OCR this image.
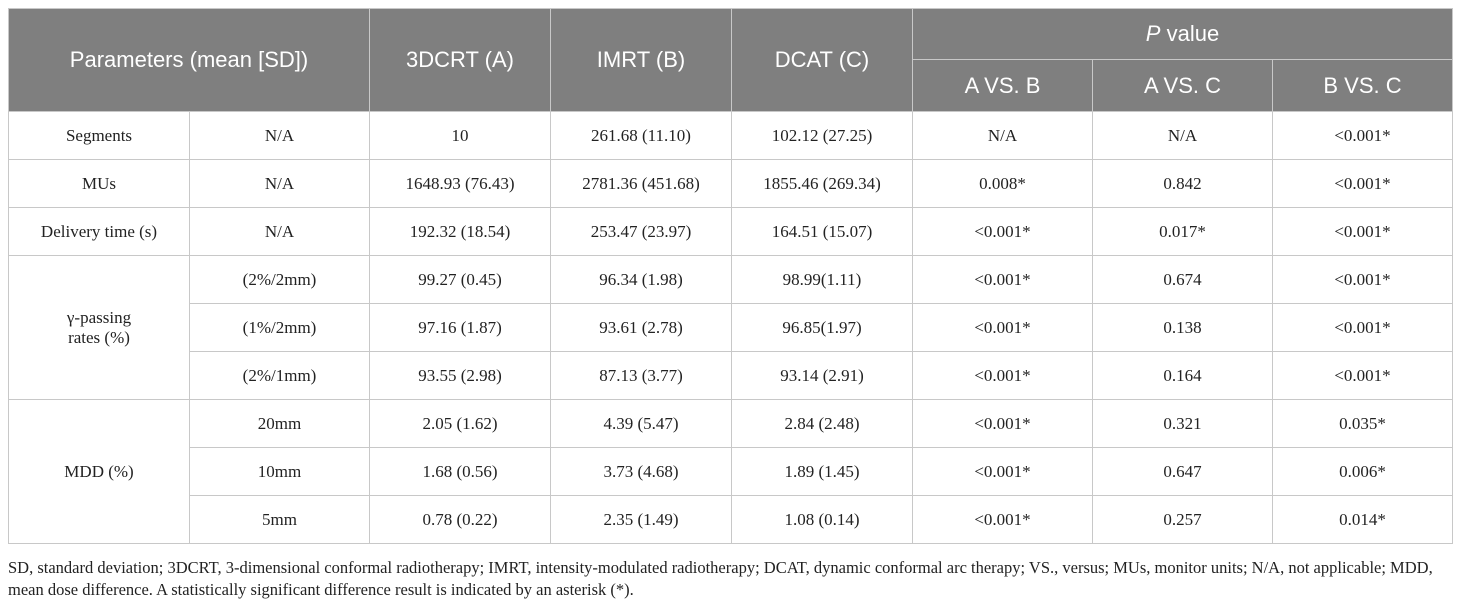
Parameters (mean [SD])		3DCRT (A)	IMRT (B)	DCAT (C)	P value		
					A VS. B	A VS. C	B VS. C
Segments	N/A	10	261.68 (11.10)	102.12 (27.25)	N/A	N/A	<0.001*
MUs	N/A	1648.93 (76.43)	2781.36 (451.68)	1855.46 (269.34)	0.008*	0.842	<0.001*
Delivery time (s)	N/A	192.32 (18.54)	253.47 (23.97)	164.51 (15.07)	<0.001*	0.017*	<0.001*
γ-passing
rates (%)	(2%/2mm)	99.27 (0.45)	96.34 (1.98)	98.99(1.11)	<0.001*	0.674	<0.001*
	(1%/2mm)	97.16 (1.87)	93.61 (2.78)	96.85(1.97)	<0.001*	0.138	<0.001*
	(2%/1mm)	93.55 (2.98)	87.13 (3.77)	93.14 (2.91)	<0.001*	0.164	<0.001*
MDD (%)	20mm	2.05 (1.62)	4.39 (5.47)	2.84 (2.48)	<0.001*	0.321	0.035*
	10mm	1.68 (0.56)	3.73 (4.68)	1.89 (1.45)	<0.001*	0.647	0.006*
	5mm	0.78 (0.22)	2.35 (1.49)	1.08 (0.14)	<0.001*	0.257	0.014*
SD, standard deviation; 3DCRT, 3-dimensional conformal radiotherapy; IMRT, intensity-modulated radiotherapy; DCAT, dynamic conformal arc therapy; VS., versus; MUs, monitor units; N/A, not applicable; MDD, mean dose difference. A statistically significant difference result is indicated by an asterisk (*).
